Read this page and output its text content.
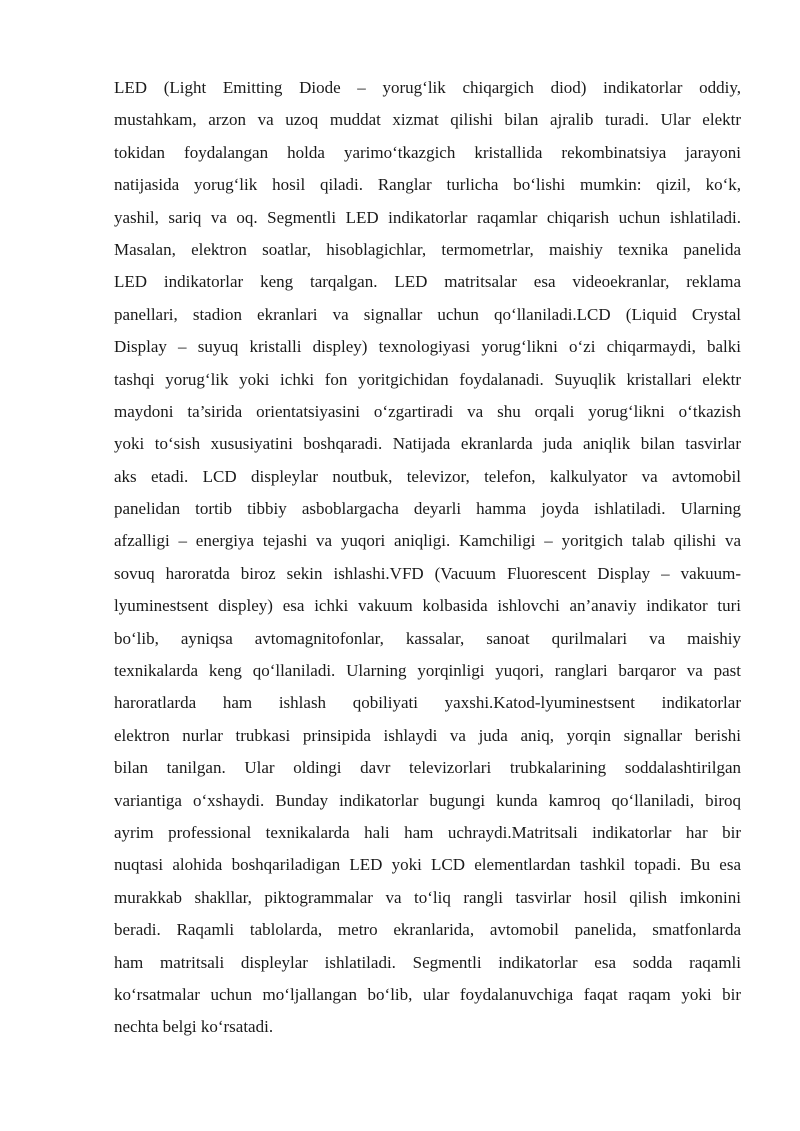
LED (Light Emitting Diode – yorug‘lik chiqargich diod) indikatorlar oddiy,
mustahkam, arzon va uzoq muddat xizmat qilishi bilan ajralib turadi. Ular elektr
tokidan foydalangan holda yarimo‘tkazgich kristallida rekombinatsiya jarayoni
natijasida yorug‘lik hosil qiladi. Ranglar turlicha bo‘lishi mumkin: qizil, ko‘k,
yashil, sariq va oq. Segmentli LED indikatorlar raqamlar chiqarish uchun ishlatiladi.
Masalan, elektron soatlar, hisoblagichlar, termometrlar, maishiy texnika panelida
LED indikatorlar keng tarqalgan. LED matritsalar esa videoekranlar, reklama
panellari, stadion ekranlari va signallar uchun qo‘llaniladi.LCD (Liquid Crystal
Display – suyuq kristalli displey) texnologiyasi yorug‘likni o‘zi chiqarmaydi, balki
tashqi yorug‘lik yoki ichki fon yoritgichidan foydalanadi. Suyuqlik kristallari elektr
maydoni ta’sirida orientatsiyasini o‘zgartiradi va shu orqali yorug‘likni o‘tkazish
yoki to‘sish xususiyatini boshqaradi. Natijada ekranlarda juda aniqlik bilan tasvirlar
aks etadi. LCD displeylar noutbuk, televizor, telefon, kalkulyator va avtomobil
panelidan tortib tibbiy asboblargacha deyarli hamma joyda ishlatiladi. Ularning
afzalligi – energiya tejashi va yuqori aniqligi. Kamchiligi – yoritgich talab qilishi va
sovuq haroratda biroz sekin ishlashi.VFD (Vacuum Fluorescent Display – vakuum-
lyuminestsent displey) esa ichki vakuum kolbasida ishlovchi an’anaviy indikator turi
bo‘lib, ayniqsa avtomagnitofonlar, kassalar, sanoat qurilmalari va maishiy
texnikalarda keng qo‘llaniladi. Ularning yorqinligi yuqori, ranglari barqaror va past
haroratlarda ham ishlash qobiliyati yaxshi.Katod-lyuminestsent indikatorlar
elektron nurlar trubkasi prinsipida ishlaydi va juda aniq, yorqin signallar berishi
bilan tanilgan. Ular oldingi davr televizorlari trubkalarining soddalashtirilgan
variantiga o‘xshaydi. Bunday indikatorlar bugungi kunda kamroq qo‘llaniladi, biroq
ayrim professional texnikalarda hali ham uchraydi.Matritsali indikatorlar har bir
nuqtasi alohida boshqariladigan LED yoki LCD elementlardan tashkil topadi. Bu esa
murakkab shakllar, piktogrammalar va to‘liq rangli tasvirlar hosil qilish imkonini
beradi. Raqamli tablolarda, metro ekranlarida, avtomobil panelida, smatfonlarda
ham matritsali displeylar ishlatiladi. Segmentli indikatorlar esa sodda raqamli
ko‘rsatmalar uchun mo‘ljallangan bo‘lib, ular foydalanuvchiga faqat raqam yoki bir
nechta belgi ko‘rsatadi.
